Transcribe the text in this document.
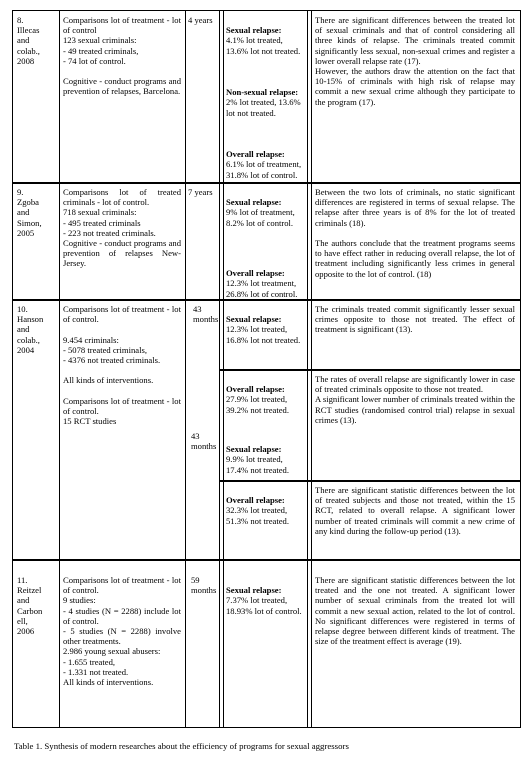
8.
Illecas
and
colab.,
2008
Comparisons lot of treatment - lot of control
123 sexual criminals:
- 49 treated criminals,
- 74 lot of control.

Cognitive - conduct programs and prevention of relapses, Barcelona.
4 years

Sexual relapse:
4.1% lot treated, 13.6% lot not treated.

Non-sexual relapse:
2% lot treated, 13.6% lot not treated.

Overall relapse:
6.1% lot of treatment, 31.8% lot of control.

There are significant differences between the treated lot of sexual criminals and that of control considering all three kinds of relapse. The criminals treated commit significantly less sexual, non-sexual crimes and register a lower overall relapse rate (17).
However, the authors draw the attention on the fact that 10-15% of criminals with high risk of relapse may commit a new sexual crime although they participate to the program (17).
9.
Zgoba
and
Simon,
2005
Comparisons lot of treated criminals - lot of control.
718 sexual criminals:
- 495 treated criminals
- 223 not treated criminals.
Cognitive - conduct programs and prevention of relapses New- Jersey.
7 years

Sexual relapse:
9% lot of treatment, 8.2% lot of control.

Overall relapse:
12.3% lot treatment, 26.8% lot of control.

Between the two lots of criminals, no static significant differences are registered in terms of sexual relapse. The relapse after three years is of 8% for the lot of treated criminals (18).

The authors conclude that the treatment programs seems to have effect rather in reducing overall relapse, the lot of treatment including significantly less crimes in general opposite to the lot of control. (18)
10.
Hanson
and
colab.,
2004
Comparisons lot of treatment - lot of control.

9.454 criminals:
- 5078 treated criminals,
- 4376 not treated criminals.

All kinds of interventions.

Comparisons lot of treatment - lot of control.
15 RCT studies
43
months
43
months

Sexual relapse:
12.3% lot treated, 16.8% lot not treated.

The criminals treated commit significantly lesser sexual crimes opposite to those not treated. The effect of treatment is significant (13).

Overall relapse:
27.9% lot treated, 39.2% not treated.

Sexual relapse:
9.9% lot treated, 17.4% not treated.

The rates of overall relapse are significantly lower in case of treated criminals opposite to those not treated.
A significant lower number of criminals treated within the RCT studies (randomised control trial) relapse in sexual crimes (13).

Overall relapse:
32.3% lot treated, 51.3% not treated.

There are significant statistic differences between the lot of treated subjects and those not treated, within the 15 RCT, related to overall relapse. A significant lower number of treated criminals will commit a new crime of any kind during the follow-up period (13).
11.
Reitzel
and
Carbon
ell,
2006
Comparisons lot of treatment - lot of control.
9 studies:
- 4 studies (N = 2288) include lot of control.
- 5 studies (N = 2288) involve other treatments.
2.986 young sexual abusers:
- 1.655 treated,
- 1.331 not treated.
All kinds of interventions.
59
months	Sexual relapse:
7.37% lot treated, 18.93% lot of control.

There are significant statistic differences between the lot treated and the one not treated. A significant lower number of sexual criminals from the treated lot will commit a new sexual action, related to the lot of control. No significant differences were registered in terms of relapse degree between different kinds of treatment. The size of the treatment effect is average (19).
Table 1. Synthesis of modern researches about the efficiency of programs for sexual aggressors
